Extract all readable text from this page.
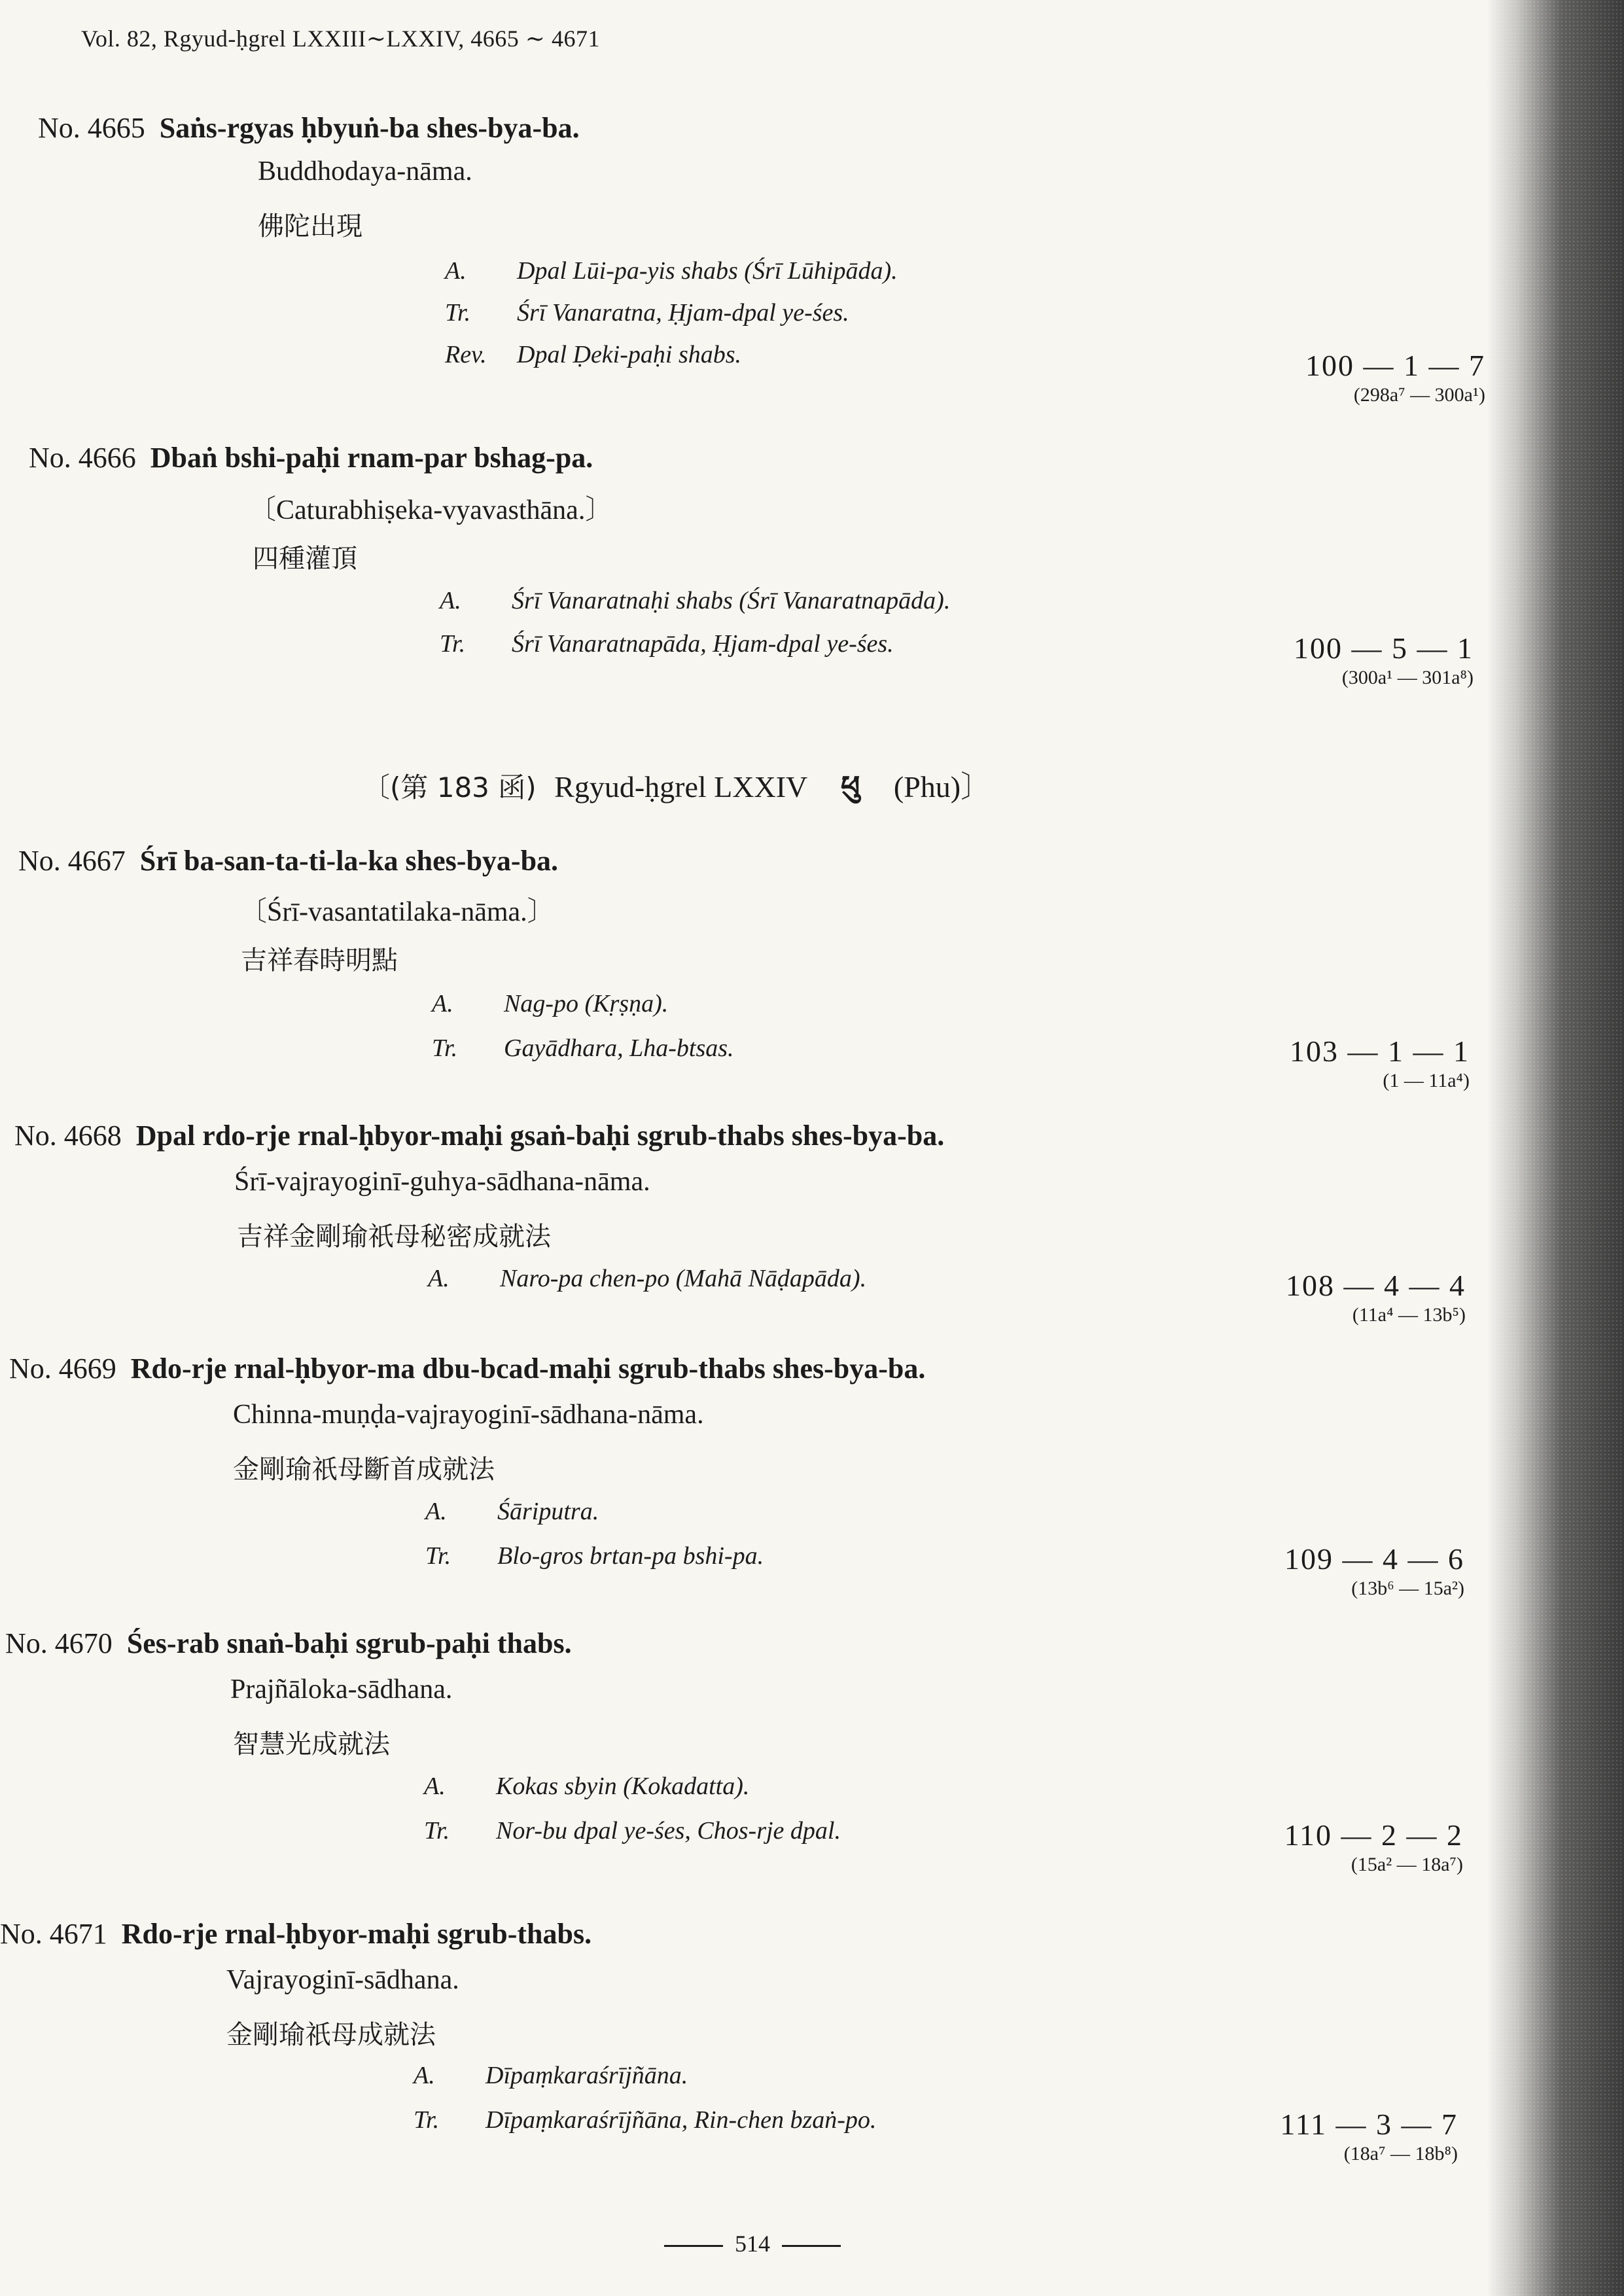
Vol. 82, Rgyud-ḥgrel LXXIII∼LXXIV, 4665 ∼ 4671
No. 4665 Saṅs-rgyas ḥbyuṅ-ba shes-bya-ba.
Buddhodaya-nāma.
佛陀出現
A. Dpal Lūi-pa-yis shabs (Śrī Lūhipāda).
Tr. Śrī Vanaratna, Ḥjam-dpal ye-śes.
Rev. Dpal Ḍeki-paḥi shabs.	100 — 1 — 7
(298a⁷ — 300a¹)
No. 4666 Dbaṅ bshi-paḥi rnam-par bshag-pa.
〔Caturabhiṣeka-vyavasthāna.〕
四種灌頂
A. Śrī Vanaratnaḥi shabs (Śrī Vanaratnapāda).
Tr. Śrī Vanaratnapāda, Ḥjam-dpal ye-śes.	100 — 5 — 1
(300a¹ — 301a⁸)
〔(第 183 函) Rgyud-ḥgrel LXXIV ཕུ (Phu)〕
No. 4667 Śrī ba-san-ta-ti-la-ka shes-bya-ba.
〔Śrī-vasantatilaka-nāma.〕
吉祥春時明點
A. Nag-po (Kṛṣṇa).
Tr. Gayādhara, Lha-btsas.	103 — 1 — 1
(1 — 11a⁴)
No. 4668 Dpal rdo-rje rnal-ḥbyor-maḥi gsaṅ-baḥi sgrub-thabs shes-bya-ba.
Śrī-vajrayoginī-guhya-sādhana-nāma.
吉祥金剛瑜祇母秘密成就法
A. Naro-pa chen-po (Mahā Nāḍapāda).	108 — 4 — 4
(11a⁴ — 13b⁵)
No. 4669 Rdo-rje rnal-ḥbyor-ma dbu-bcad-maḥi sgrub-thabs shes-bya-ba.
Chinna-muṇḍa-vajrayoginī-sādhana-nāma.
金剛瑜祇母斷首成就法
A. Śāriputra.
Tr. Blo-gros brtan-pa bshi-pa.	109 — 4 — 6
(13b⁶ — 15a²)
No. 4670 Śes-rab snaṅ-baḥi sgrub-paḥi thabs.
Prajñāloka-sādhana.
智慧光成就法
A. Kokas sbyin (Kokadatta).
Tr. Nor-bu dpal ye-śes, Chos-rje dpal.	110 — 2 — 2
(15a² — 18a⁷)
No. 4671 Rdo-rje rnal-ḥbyor-maḥi sgrub-thabs.
Vajrayoginī-sādhana.
金剛瑜祇母成就法
A. Dīpaṃkaraśrījñāna.
Tr. Dīpaṃkaraśrījñāna, Rin-chen bzaṅ-po.	111 — 3 — 7
(18a⁷ — 18b⁸)
514
